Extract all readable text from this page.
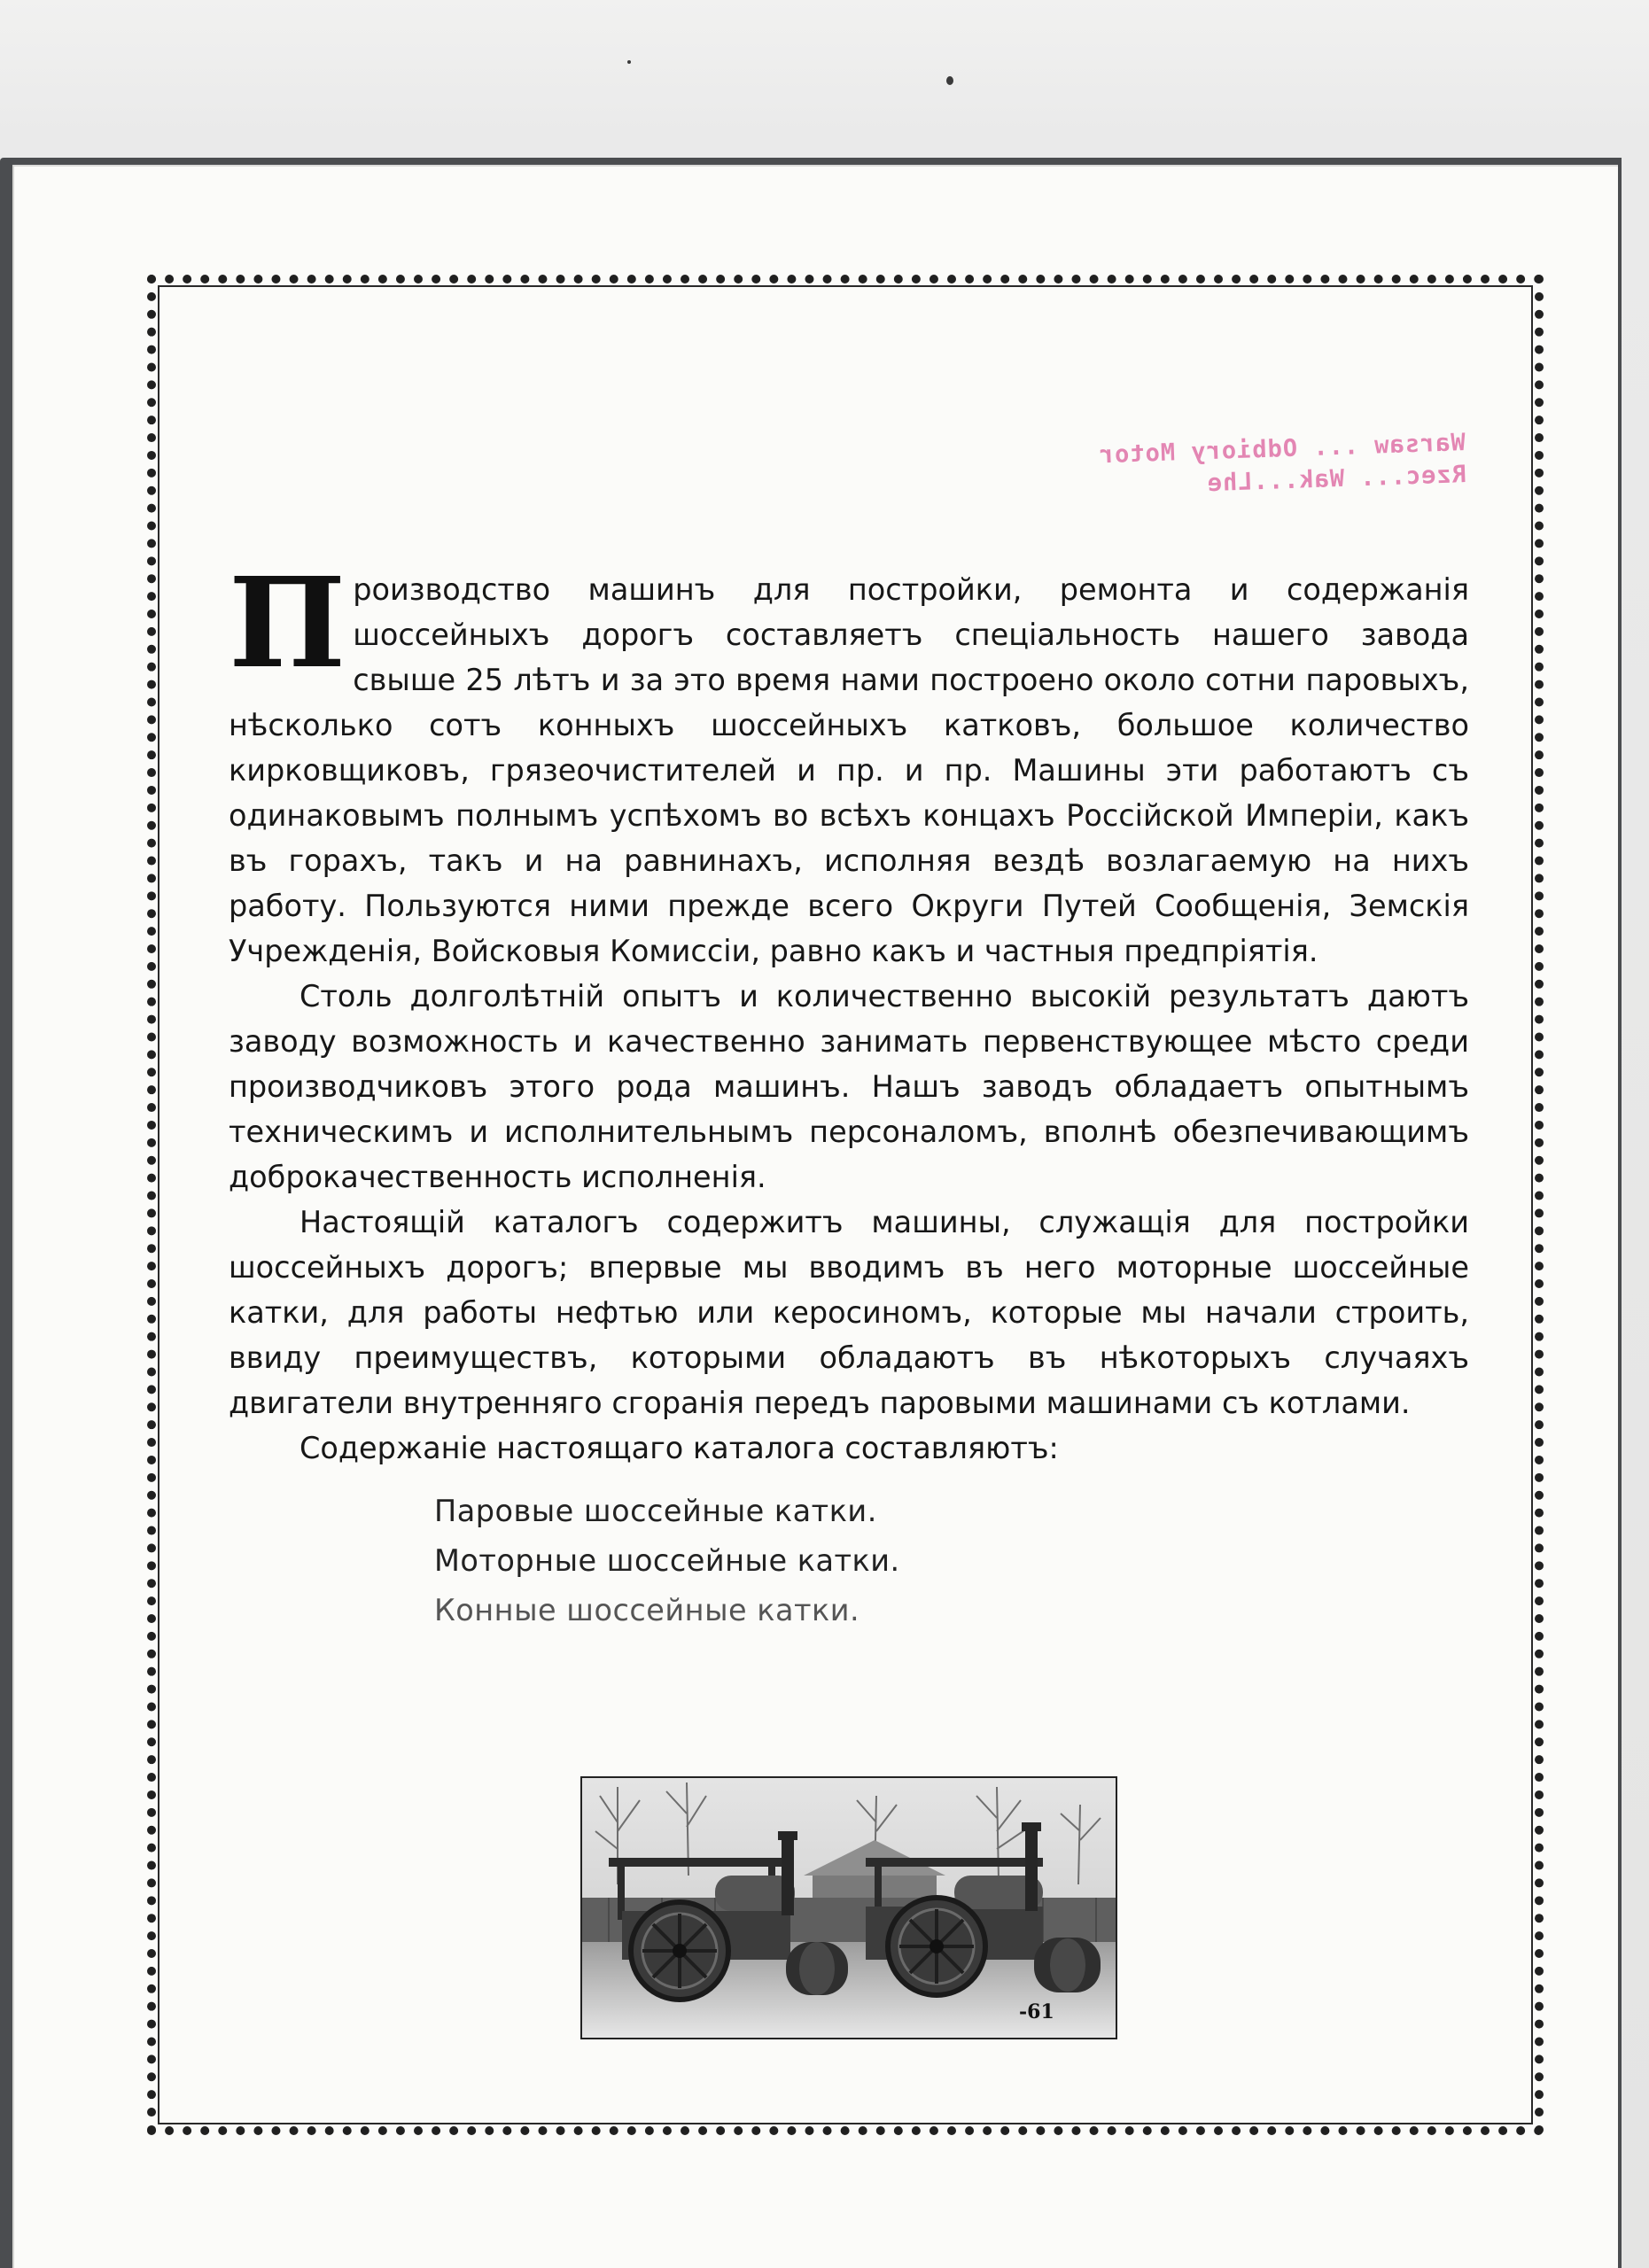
Warsaw ... Odbiory Motor
Rzec... Wak...Lhe

П роизводство машинъ для постройки, ремонта и содержанія шоссейныхъ дорогъ составляетъ спеціальность нашего завода свыше 25 лѣтъ и за это время нами построено около сотни паровыхъ, нѣсколько сотъ конныхъ шоссейныхъ катковъ, большое количество кирковщиковъ, грязеочистителей и пр. и пр. Машины эти работаютъ съ одинаковымъ полнымъ успѣхомъ во всѣхъ концахъ Россійской Имперіи, какъ въ горахъ, такъ и на равнинахъ, исполняя вездѣ возлагаемую на нихъ работу. Пользуются ними прежде всего Округи Путей Сообщенія, Земскія Учрежденія, Войсковыя Комиссіи, равно какъ и частныя предпріятія.

Столь долголѣтній опытъ и количественно высокій результатъ даютъ заводу возможность и качественно занимать первенствующее мѣсто среди производчиковъ этого рода машинъ. Нашъ заводъ обладаетъ опытнымъ техническимъ и исполнительнымъ персоналомъ, вполнѣ обезпечивающимъ доброкачественность исполненія.

Настоящій каталогъ содержитъ машины, служащія для постройки шоссейныхъ дорогъ; впервые мы вводимъ въ него моторные шоссейные катки, для работы нефтью или керосиномъ, которые мы начали строить, ввиду преимуществъ, которыми обладаютъ въ нѣкоторыхъ случаяхъ двигатели внутренняго сгоранія передъ паровыми машинами съ котлами.

Содержаніе настоящаго каталога составляютъ:

Паровые шоссейные катки.
Моторные шоссейные катки.
Конные шоссейные катки.
-61
